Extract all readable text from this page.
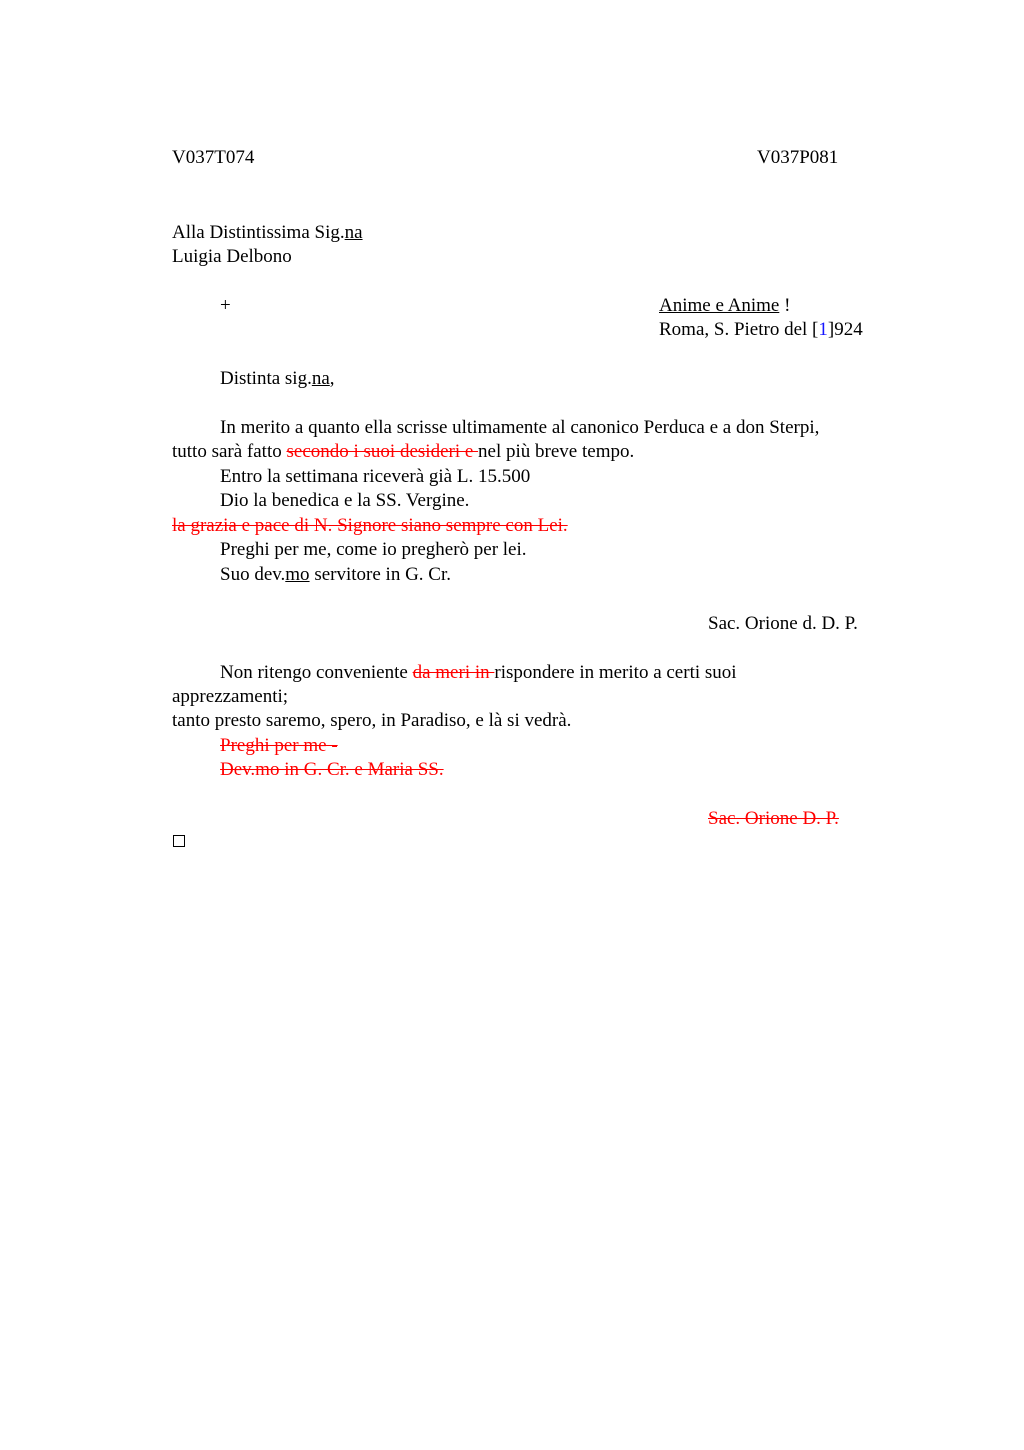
V037T074	V037P081
Alla Distintissima Sig.na
Luigia Delbono
+	Anime e Anime !
Roma, S. Pietro del [1]924
Distinta sig.na,
In merito a quanto ella scrisse ultimamente al canonico Perduca e a don Sterpi,
tutto sarà fatto secondo i suoi desideri e nel più breve tempo.
Entro la settimana riceverà già L. 15.500
Dio la benedica e la SS. Vergine.
la grazia e pace di N. Signore siano sempre con Lei.
Preghi per me, come io pregherò per lei.
Suo dev.mo servitore in G. Cr.
Sac. Orione d. D. P.
Non ritengo conveniente da meri in rispondere in merito a certi suoi
apprezzamenti;
tanto presto saremo, spero, in Paradiso, e là si vedrà.
Preghi per me -
Dev.mo in G. Cr. e Maria SS.
Sac. Orione D. P.
